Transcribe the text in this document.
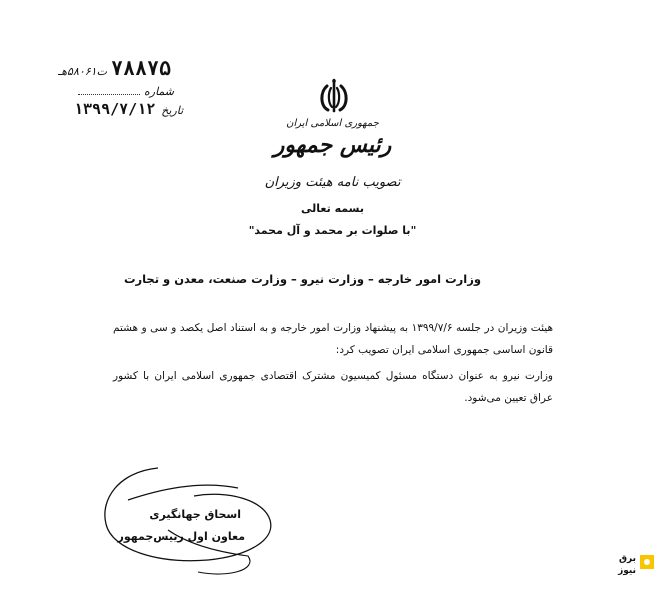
۷۸۸۷۵
ت۵۸۰۶۱هـ
شماره
تاریخ
۱۳۹۹/۷/۱۲
جمهوری اسلامی ایران
رئیس جمهور
تصویب نامه هیئت وزیران
بسمه تعالی
"با صلوات بر محمد و آل محمد"
وزارت امور خارجه – وزارت نیرو – وزارت صنعت، معدن و تجارت
هیئت وزیران در جلسه ۱۳۹۹/۷/۶ به پیشنهاد وزارت امور خارجه و به استناد اصل یکصد و سی و هشتم قانون اساسی جمهوری اسلامی ایران تصویب کرد:
وزارت نیرو به عنوان دستگاه مسئول کمیسیون مشترک اقتصادی جمهوری اسلامی ایران با کشور عراق تعیین می‌شود.
اسحاق جهانگیری
معاون اول رییس‌جمهور
برق
نیوز
